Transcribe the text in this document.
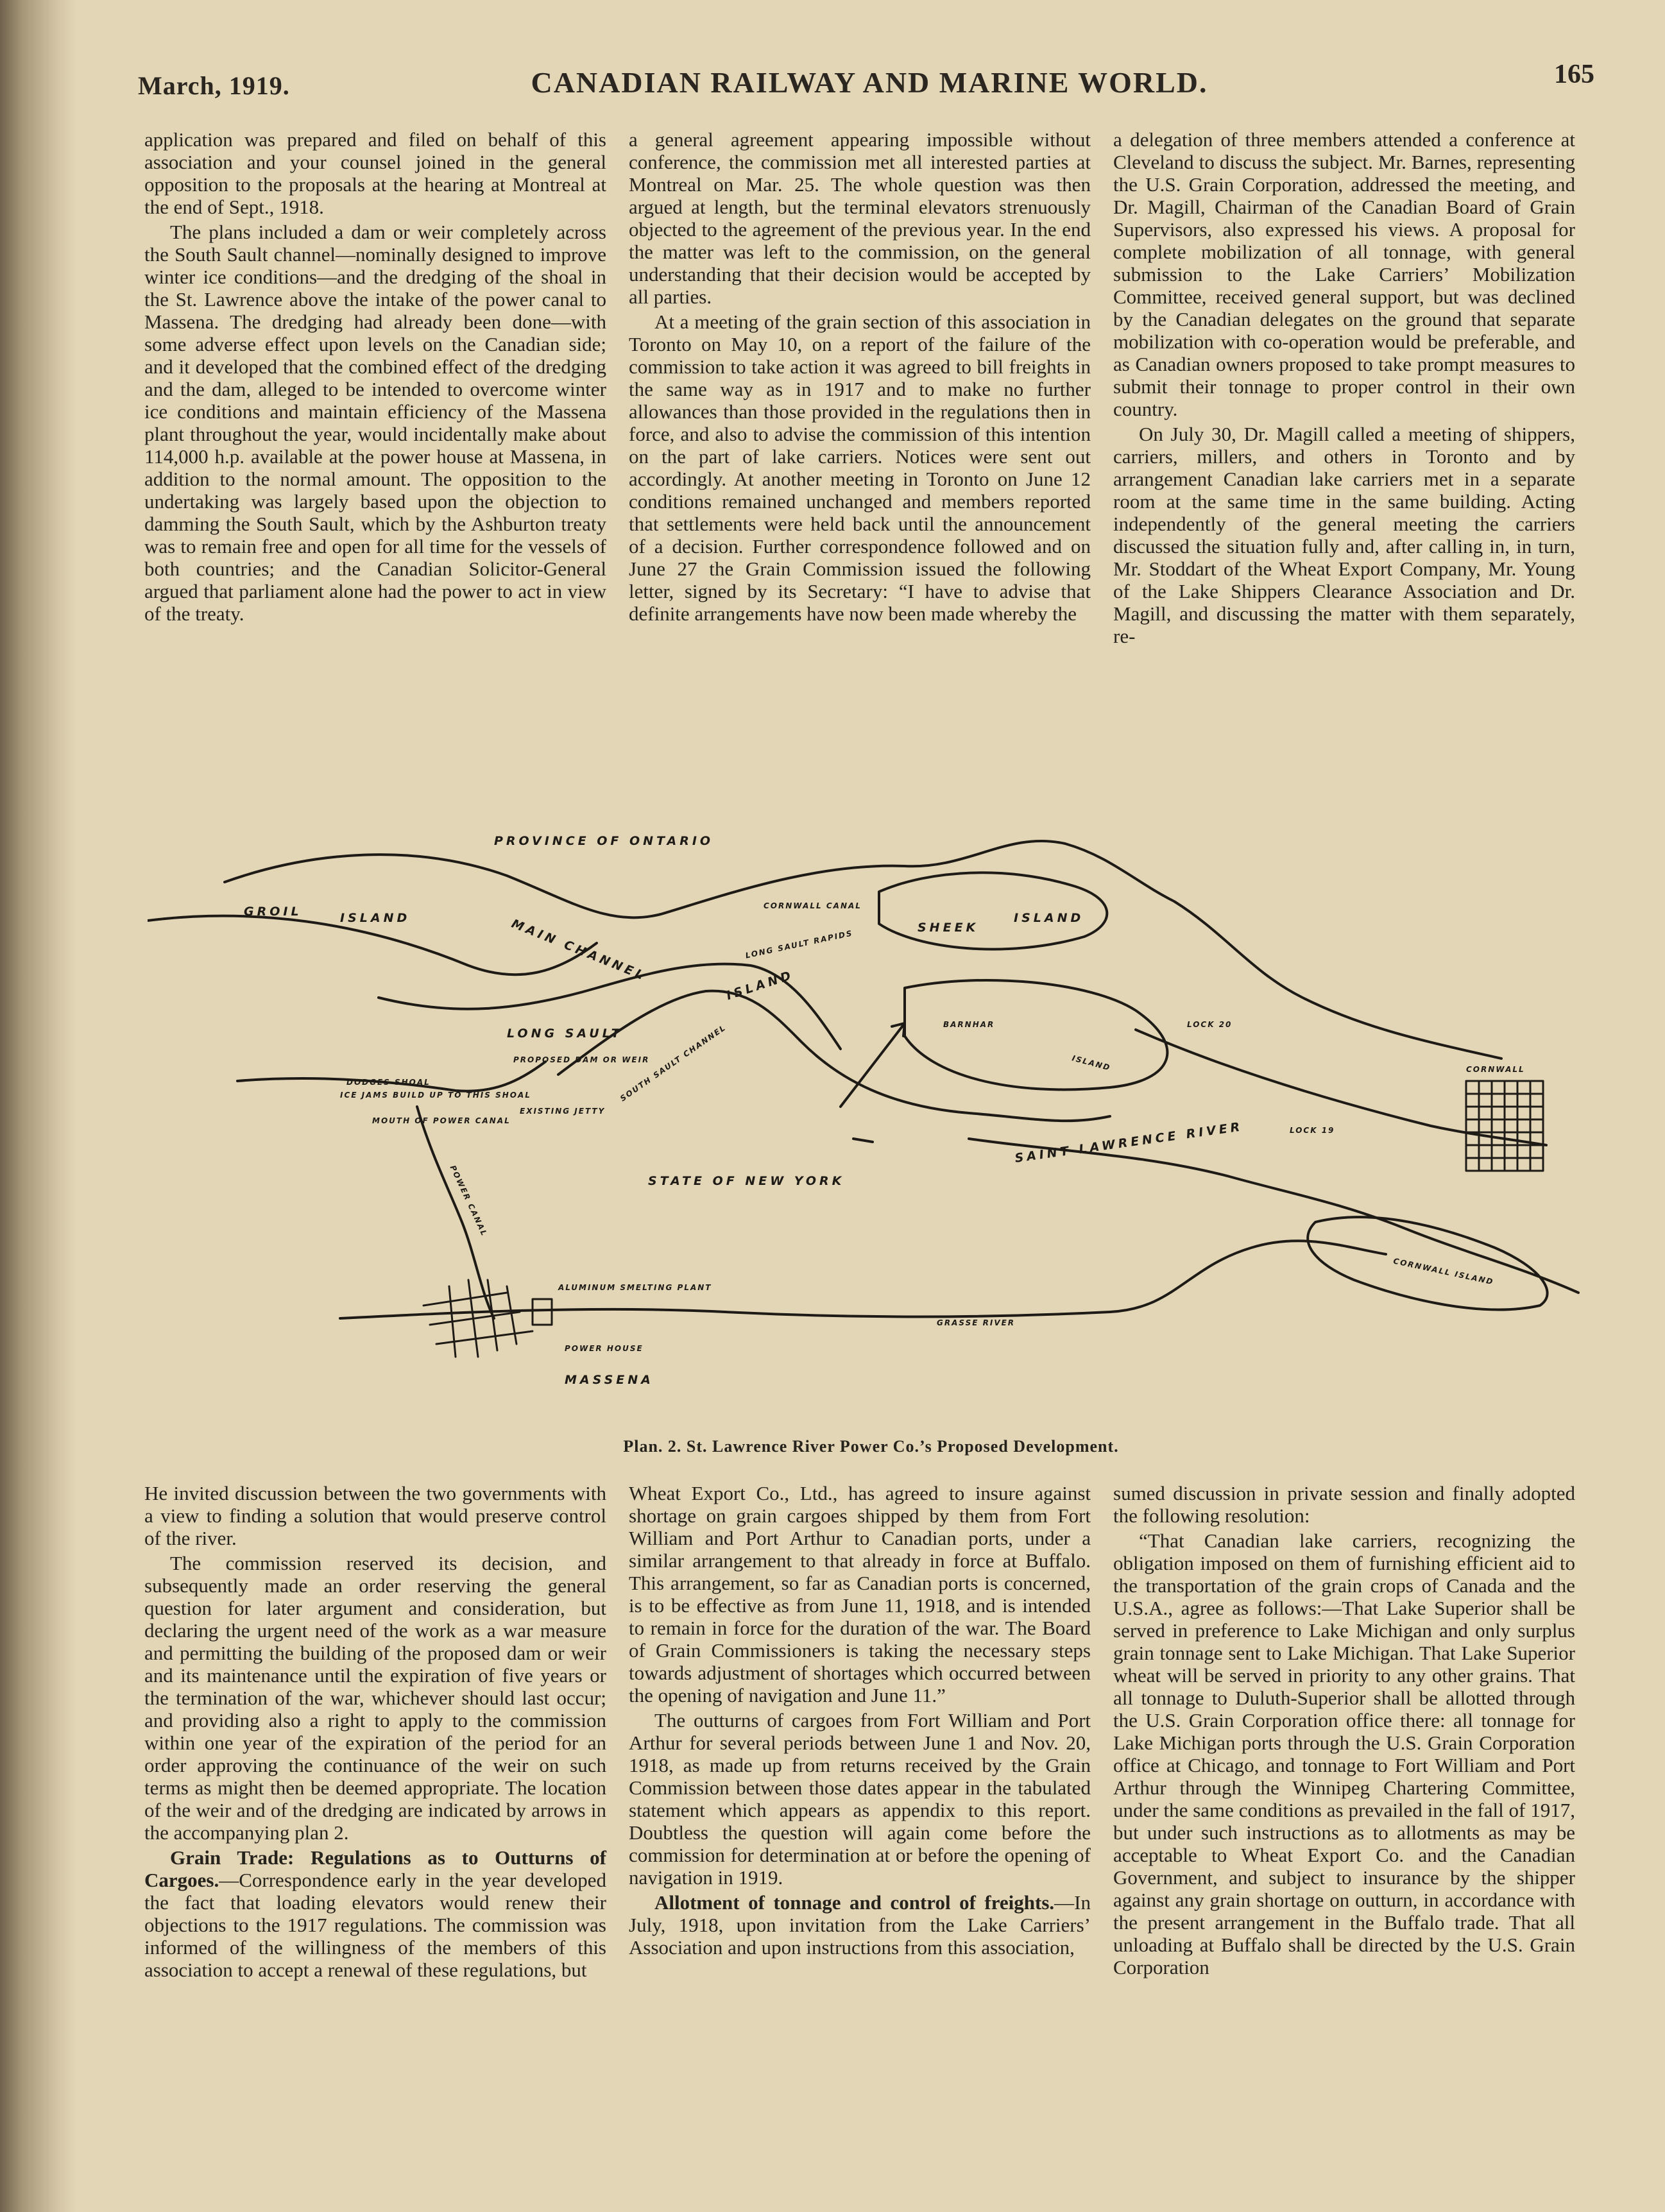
March, 1919.	CANADIAN RAILWAY AND MARINE WORLD.	165

application was prepared and filed on behalf of this association and your counsel joined in the general opposition to the proposals at the hearing at Montreal at the end of Sept., 1918.

The plans included a dam or weir completely across the South Sault channel—nominally designed to improve winter ice conditions—and the dredging of the shoal in the St. Lawrence above the intake of the power canal to Massena. The dredging had already been done—with some adverse effect upon levels on the Canadian side; and it developed that the combined effect of the dredging and the dam, alleged to be intended to overcome winter ice conditions and maintain efficiency of the Massena plant throughout the year, would incidentally make about 114,000 h.p. available at the power house at Massena, in addition to the normal amount. The opposition to the undertaking was largely based upon the objection to damming the South Sault, which by the Ashburton treaty was to remain free and open for all time for the vessels of both countries; and the Canadian Solicitor-General argued that parliament alone had the power to act in view of the treaty.

a general agreement appearing impossible without conference, the commission met all interested parties at Montreal on Mar. 25. The whole question was then argued at length, but the terminal elevators strenuously objected to the agreement of the previous year. In the end the matter was left to the commission, on the general understanding that their decision would be accepted by all parties.

At a meeting of the grain section of this association in Toronto on May 10, on a report of the failure of the commission to take action it was agreed to bill freights in the same way as in 1917 and to make no further allowances than those provided in the regulations then in force, and also to advise the commission of this intention on the part of lake carriers. Notices were sent out accordingly. At another meeting in Toronto on June 12 conditions remained unchanged and members reported that settlements were held back until the announcement of a decision. Further correspondence followed and on June 27 the Grain Commission issued the following letter, signed by its Secretary: “I have to advise that definite arrangements have now been made whereby the

a delegation of three members attended a conference at Cleveland to discuss the subject. Mr. Barnes, representing the U.S. Grain Corporation, addressed the meeting, and Dr. Magill, Chairman of the Canadian Board of Grain Supervisors, also expressed his views. A proposal for complete mobilization of all tonnage, with general submission to the Lake Carriers’ Mobilization Committee, received general support, but was declined by the Canadian delegates on the ground that separate mobilization with co-operation would be preferable, and as Canadian owners proposed to take prompt measures to submit their tonnage to proper control in their own country.

On July 30, Dr. Magill called a meeting of shippers, carriers, millers, and others in Toronto and by arrangement Canadian lake carriers met in a separate room at the same time in the same building. Acting independently of the general meeting the carriers discussed the situation fully and, after calling in, in turn, Mr. Stoddart of the Wheat Export Company, Mr. Young of the Lake Shippers Clearance Association and Dr. Magill, and discussing the matter with them separately, re-

PROVINCE OF ONTARIO
GROIL	ISLAND	MAIN CHANNEL
CORNWALL CANAL
LONG SAULT RAPIDS
SHEEK
ISLAND
LONG SAULT
ISLAND
BARNHAR
ISLAND
LOCK 20
LOCK 19
CORNWALL
SAINT LAWRENCE RIVER
SOUTH SAULT CHANNEL
PROPOSED DAM OR WEIR
DODGES SHOAL
ICE JAMS BUILD UP TO THIS SHOAL
EXISTING JETTY
MOUTH OF POWER CANAL
STATE OF NEW YORK
POWER CANAL
ALUMINUM SMELTING PLANT
POWER HOUSE
GRASSE RIVER
MASSENA
CORNWALL ISLAND
Plan. 2. St. Lawrence River Power Co.’s Proposed Development.

He invited discussion between the two governments with a view to finding a solution that would preserve control of the river.

The commission reserved its decision, and subsequently made an order reserving the general question for later argument and consideration, but declaring the urgent need of the work as a war measure and permitting the building of the proposed dam or weir and its maintenance until the expiration of five years or the termination of the war, whichever should last occur; and providing also a right to apply to the commission within one year of the expiration of the period for an order approving the continuance of the weir on such terms as might then be deemed appropriate. The location of the weir and of the dredging are indicated by arrows in the accompanying plan 2.

Grain Trade: Regulations as to Outturns of Cargoes.—Correspondence early in the year developed the fact that loading elevators would renew their objections to the 1917 regulations. The commission was informed of the willingness of the members of this association to accept a renewal of these regulations, but

Wheat Export Co., Ltd., has agreed to insure against shortage on grain cargoes shipped by them from Fort William and Port Arthur to Canadian ports, under a similar arrangement to that already in force at Buffalo. This arrangement, so far as Canadian ports is concerned, is to be effective as from June 11, 1918, and is intended to remain in force for the duration of the war. The Board of Grain Commissioners is taking the necessary steps towards adjustment of shortages which occurred between the opening of navigation and June 11.”

The outturns of cargoes from Fort William and Port Arthur for several periods between June 1 and Nov. 20, 1918, as made up from returns received by the Grain Commission between those dates appear in the tabulated statement which appears as appendix to this report. Doubtless the question will again come before the commission for determination at or before the opening of navigation in 1919.

Allotment of tonnage and control of freights.—In July, 1918, upon invitation from the Lake Carriers’ Association and upon instructions from this association,

sumed discussion in private session and finally adopted the following resolution:

“That Canadian lake carriers, recognizing the obligation imposed on them of furnishing efficient aid to the transportation of the grain crops of Canada and the U.S.A., agree as follows:—That Lake Superior shall be served in preference to Lake Michigan and only surplus grain tonnage sent to Lake Michigan. That Lake Superior wheat will be served in priority to any other grains. That all tonnage to Duluth-Superior shall be allotted through the U.S. Grain Corporation office there: all tonnage for Lake Michigan ports through the U.S. Grain Corporation office at Chicago, and tonnage to Fort William and Port Arthur through the Winnipeg Chartering Committee, under the same conditions as prevailed in the fall of 1917, but under such instructions as to allotments as may be acceptable to Wheat Export Co. and the Canadian Government, and subject to insurance by the shipper against any grain shortage on outturn, in accordance with the present arrangement in the Buffalo trade. That all unloading at Buffalo shall be directed by the U.S. Grain Corporation
